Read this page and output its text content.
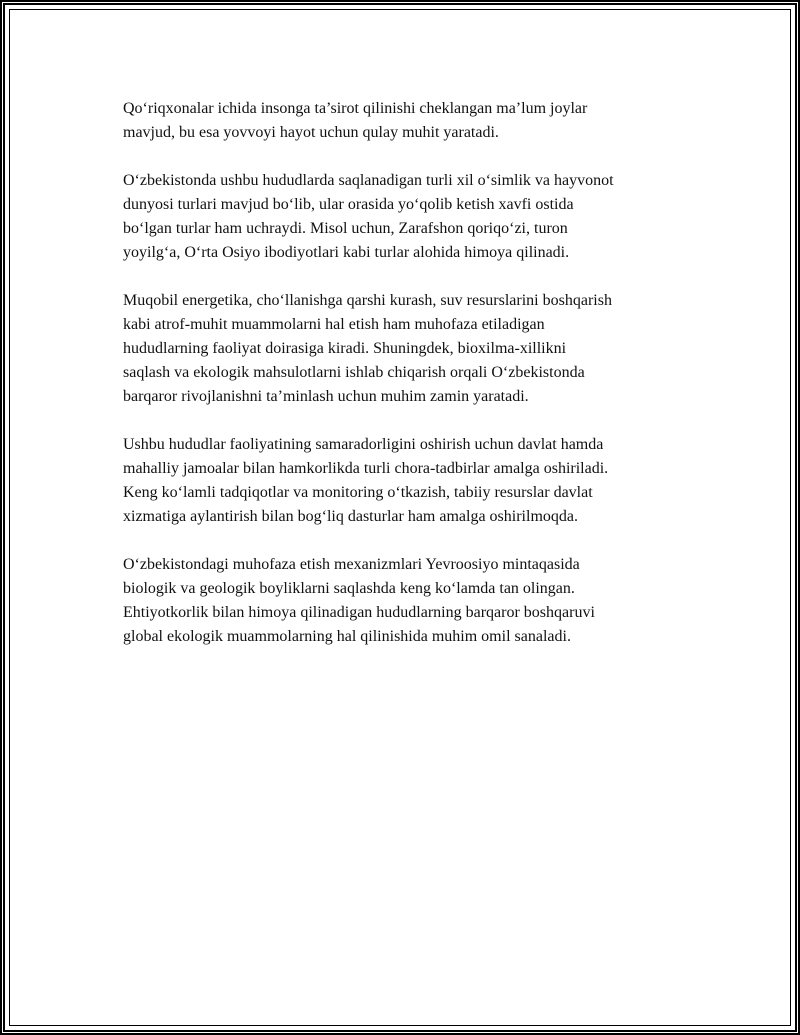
Qo‘riqxonalar ichida insonga ta’sirot qilinishi cheklangan ma’lum joylar
mavjud, bu esa yovvoyi hayot uchun qulay muhit yaratadi.

O‘zbekistonda ushbu hududlarda saqlanadigan turli xil o‘simlik va hayvonot
dunyosi turlari mavjud bo‘lib, ular orasida yo‘qolib ketish xavfi ostida
bo‘lgan turlar ham uchraydi. Misol uchun, Zarafshon qoriqo‘zi, turon
yoyilg‘a, O‘rta Osiyo ibodiyotlari kabi turlar alohida himoya qilinadi.

Muqobil energetika, cho‘llanishga qarshi kurash, suv resurslarini boshqarish
kabi atrof-muhit muammolarni hal etish ham muhofaza etiladigan
hududlarning faoliyat doirasiga kiradi. Shuningdek, bioxilma-xillikni
saqlash va ekologik mahsulotlarni ishlab chiqarish orqali O‘zbekistonda
barqaror rivojlanishni ta’minlash uchun muhim zamin yaratadi.

Ushbu hududlar faoliyatining samaradorligini oshirish uchun davlat hamda
mahalliy jamoalar bilan hamkorlikda turli chora-tadbirlar amalga oshiriladi.
Keng ko‘lamli tadqiqotlar va monitoring o‘tkazish, tabiiy resurslar davlat
xizmatiga aylantirish bilan bog‘liq dasturlar ham amalga oshirilmoqda.

O‘zbekistondagi muhofaza etish mexanizmlari Yevroosiyo mintaqasida
biologik va geologik boyliklarni saqlashda keng ko‘lamda tan olingan.
Ehtiyotkorlik bilan himoya qilinadigan hududlarning barqaror boshqaruvi
global ekologik muammolarning hal qilinishida muhim omil sanaladi.
